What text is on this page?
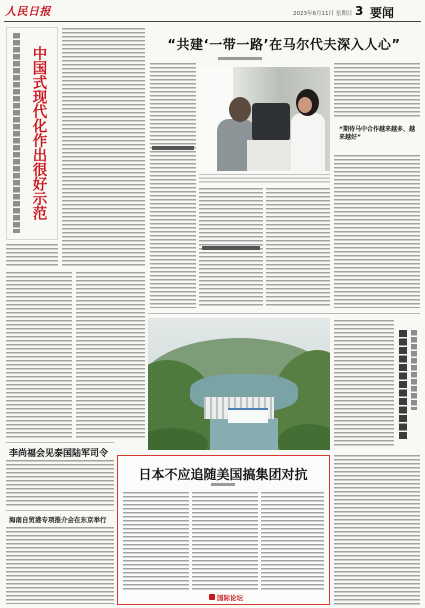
人民日报	2023年6月11日 星期日 3 要闻
中国式现代化作出很好示范
李尚福会见泰国陆军司令
海南自贸港专项推介会在东京举行
“共建‘一带一路’在马尔代夫深入人心”
“期待马中合作越来越多、越来越好”
日本不应追随美国搞集团对抗
国际论坛
